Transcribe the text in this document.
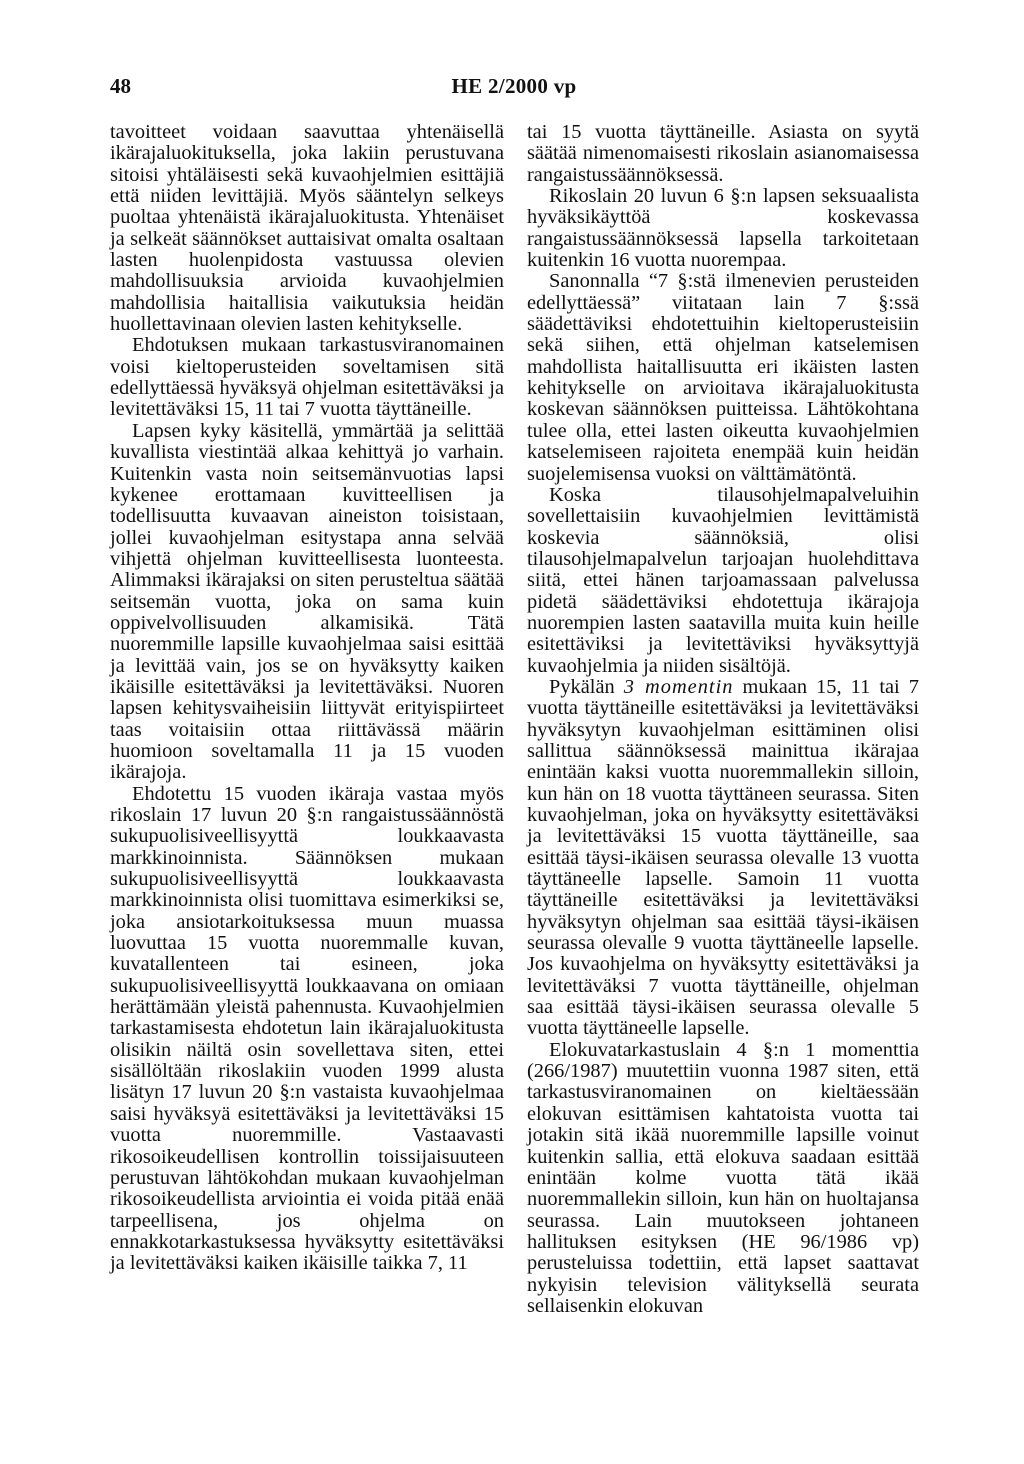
48	HE 2/2000 vp

tavoitteet voidaan saavuttaa yhtenäisellä ikärajaluokituksella, joka lakiin perustuvana sitoisi yhtäläisesti sekä kuvaohjelmien esittäjiä että niiden levittäjiä. Myös sääntelyn selkeys puoltaa yhtenäistä ikärajaluokitusta. Yhtenäiset ja selkeät säännökset auttaisivat omalta osaltaan lasten huolenpidosta vastuussa olevien mahdollisuuksia arvioida kuvaohjelmien mahdollisia haitallisia vaikutuksia heidän huollettavinaan olevien lasten kehitykselle.

Ehdotuksen mukaan tarkastusviranomainen voisi kieltoperusteiden soveltamisen sitä edellyttäessä hyväksyä ohjelman esitettäväksi ja levitettäväksi 15, 11 tai 7 vuotta täyttäneille.

Lapsen kyky käsitellä, ymmärtää ja selittää kuvallista viestintää alkaa kehittyä jo varhain. Kuitenkin vasta noin seitsemänvuotias lapsi kykenee erottamaan kuvitteellisen ja todellisuutta kuvaavan aineiston toisistaan, jollei kuvaohjelman esitystapa anna selvää vihjettä ohjelman kuvitteellisesta luonteesta. Alimmaksi ikärajaksi on siten perusteltua säätää seitsemän vuotta, joka on sama kuin oppivelvollisuuden alkamisikä. Tätä nuoremmille lapsille kuvaohjelmaa saisi esittää ja levittää vain, jos se on hyväksytty kaiken ikäisille esitettäväksi ja levitettäväksi. Nuoren lapsen kehitysvaiheisiin liittyvät erityispiirteet taas voitaisiin ottaa riittävässä määrin huomioon soveltamalla 11 ja 15 vuoden ikärajoja.

Ehdotettu 15 vuoden ikäraja vastaa myös rikoslain 17 luvun 20 §:n rangaistussäännöstä sukupuolisiveellisyyttä loukkaavasta markkinoinnista. Säännöksen mukaan sukupuolisiveellisyyttä loukkaavasta markkinoinnista olisi tuomittava esimerkiksi se, joka ansiotarkoituksessa muun muassa luovuttaa 15 vuotta nuoremmalle kuvan, kuvatallenteen tai esineen, joka sukupuolisiveellisyyttä loukkaavana on omiaan herättämään yleistä pahennusta. Kuvaohjelmien tarkastamisesta ehdotetun lain ikärajaluokitusta olisikin näiltä osin sovellettava siten, ettei sisällöltään rikoslakiin vuoden 1999 alusta lisätyn 17 luvun 20 §:n vastaista kuvaohjelmaa saisi hyväksyä esitettäväksi ja levitettäväksi 15 vuotta nuoremmille. Vastaavasti rikosoikeudellisen kontrollin toissijaisuuteen perustuvan lähtökohdan mukaan kuvaohjelman rikosoikeudellista arviointia ei voida pitää enää tarpeellisena, jos ohjelma on ennakkotarkastuksessa hyväksytty esitettäväksi ja levitettäväksi kaiken ikäisille taikka 7, 11

tai 15 vuotta täyttäneille. Asiasta on syytä säätää nimenomaisesti rikoslain asianomaisessa rangaistussäännöksessä.

Rikoslain 20 luvun 6 §:n lapsen seksuaalista hyväksikäyttöä koskevassa rangaistussäännöksessä lapsella tarkoitetaan kuitenkin 16 vuotta nuorempaa.

Sanonnalla “7 §:stä ilmenevien perusteiden edellyttäessä” viitataan lain 7 §:ssä säädettäviksi ehdotettuihin kieltoperusteisiin sekä siihen, että ohjelman katselemisen mahdollista haitallisuutta eri ikäisten lasten kehitykselle on arvioitava ikärajaluokitusta koskevan säännöksen puitteissa. Lähtökohtana tulee olla, ettei lasten oikeutta kuvaohjelmien katselemiseen rajoiteta enempää kuin heidän suojelemisensa vuoksi on välttämätöntä.

Koska tilausohjelmapalveluihin sovellettaisiin kuvaohjelmien levittämistä koskevia säännöksiä, olisi tilausohjelmapalvelun tarjoajan huolehdittava siitä, ettei hänen tarjoamassaan palvelussa pidetä säädettäviksi ehdotettuja ikärajoja nuorempien lasten saatavilla muita kuin heille esitettäviksi ja levitettäviksi hyväksyttyjä kuvaohjelmia ja niiden sisältöjä.

Pykälän 3 momentin mukaan 15, 11 tai 7 vuotta täyttäneille esitettäväksi ja levitettäväksi hyväksytyn kuvaohjelman esittäminen olisi sallittua säännöksessä mainittua ikärajaa enintään kaksi vuotta nuoremmallekin silloin, kun hän on 18 vuotta täyttäneen seurassa. Siten kuvaohjelman, joka on hyväksytty esitettäväksi ja levitettäväksi 15 vuotta täyttäneille, saa esittää täysi-ikäisen seurassa olevalle 13 vuotta täyttäneelle lapselle. Samoin 11 vuotta täyttäneille esitettäväksi ja levitettäväksi hyväksytyn ohjelman saa esittää täysi-ikäisen seurassa olevalle 9 vuotta täyttäneelle lapselle. Jos kuvaohjelma on hyväksytty esitettäväksi ja levitettäväksi 7 vuotta täyttäneille, ohjelman saa esittää täysi-ikäisen seurassa olevalle 5 vuotta täyttäneelle lapselle.

Elokuvatarkastuslain 4 §:n 1 momenttia (266/1987) muutettiin vuonna 1987 siten, että tarkastusviranomainen on kieltäessään elokuvan esittämisen kahtatoista vuotta tai jotakin sitä ikää nuoremmille lapsille voinut kuitenkin sallia, että elokuva saadaan esittää enintään kolme vuotta tätä ikää nuoremmallekin silloin, kun hän on huoltajansa seurassa. Lain muutokseen johtaneen hallituksen esityksen (HE 96/1986 vp) perusteluissa todettiin, että lapset saattavat nykyisin television välityksellä seurata sellaisenkin elokuvan
